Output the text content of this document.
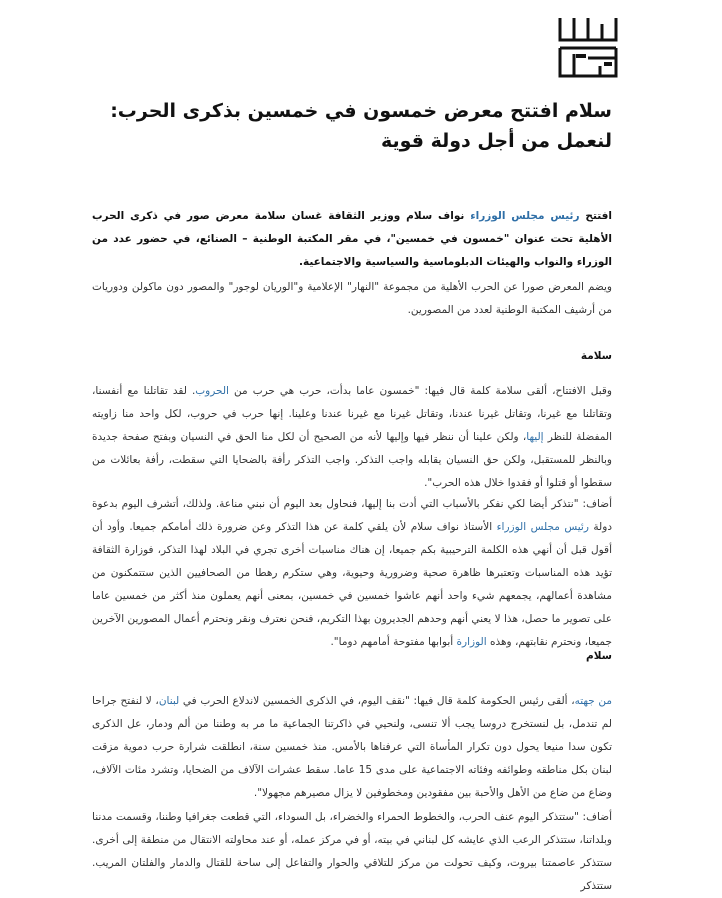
سلام افتتح معرض خمسون في خمسين بذكرى الحرب: لنعمل من أجل دولة قوية

افتتح رئيس مجلس الوزراء نواف سلام ووزير الثقافة غسان سلامة معرض صور في ذكرى الحرب الأهلية تحت عنوان "خمسون في خمسين"، في مقر المكتبة الوطنية – الصنائع، في حضور عدد من الوزراء والنواب والهيئات الدبلوماسية والسياسية والاجتماعية.

ويضم المعرض صورا عن الحرب الأهلية من مجموعة "النهار" الإعلامية و"الوريان لوجور" والمصور دون ماكولن ودوريات من أرشيف المكتبة الوطنية لعدد من المصورين.

سلامة

وقبل الافتتاح، ألقى سلامة كلمة قال فيها: "خمسون عاما بدأت، حرب هي حرب من الحروب. لقد تقاتلنا مع أنفسنا، وتقاتلنا مع غيرنا، وتقاتل غيرنا عندنا، وتقاتل غيرنا مع غيرنا عندنا وعلينا. إنها حرب في حروب، لكل واحد منا زاويته المفضلة للنظر إليها، ولكن علينا أن ننظر فيها وإليها لأنه من الصحيح أن لكل منا الحق في النسيان وبفتح صفحة جديدة وبالنظر للمستقبل، ولكن حق النسيان يقابله واجب التذكر. واجب التذكر رأفة بالضحايا التي سقطت، رأفة بعائلات من سقطوا أو قتلوا أو فقدوا خلال هذه الحرب".

أضاف: "نتذكر أيضا لكي نفكر بالأسباب التي أدت بنا إليها، فنحاول بعد اليوم أن نبني مناعة. ولذلك، أتشرف اليوم بدعوة دولة رئيس مجلس الوزراء الأستاذ نواف سلام لأن يلقي كلمة عن هذا التذكر وعن ضرورة ذلك أمامكم جميعا. وأود أن أقول قبل أن أنهي هذه الكلمة الترحيبية بكم جميعا، إن هناك مناسبات أخرى تجري في البلاد لهذا التذكر، فوزارة الثقافة تؤيد هذه المناسبات وتعتبرها ظاهرة صحية وضرورية وحيوية، وهي ستكرم رهطا من الصحافيين الذين ستتمكنون من مشاهدة أعمالهم، يجمعهم شيء واحد أنهم عاشوا خمسين في خمسين، بمعنى أنهم يعملون منذ أكثر من خمسين عاما على تصوير ما حصل، هذا لا يعني أنهم وحدهم الجديرون بهذا التكريم، فنحن نعترف ونقر ونحترم أعمال المصورين الآخرين جميعا، ونحترم نقابتهم، وهذه الوزارة أبوابها مفتوحة أمامهم دوما".

سلام

من جهته، ألقى رئيس الحكومة كلمة قال فيها: "نقف اليوم، في الذكرى الخمسين لاندلاع الحرب في لبنان، لا لنفتح جراحا لم تندمل، بل لنستخرج دروسا يجب ألا تنسى، ولنحيي في ذاكرتنا الجماعية ما مر به وطننا من ألم ودمار، عل الذكرى تكون سدا منيعا يحول دون تكرار المأساة التي عرفناها بالأمس. منذ خمسين سنة، انطلقت شرارة حرب دموية مزقت لبنان بكل مناطقه وطوائفه وفئاته الاجتماعية على مدى 15 عاما. سقط عشرات الآلاف من الضحايا، وتشرد مئات الآلاف، وضاع من ضاع من الأهل والأحبة بين مفقودين ومخطوفين لا يزال مصيرهم مجهولا".

أضاف: "ستتذكر اليوم عنف الحرب، والخطوط الحمراء والخضراء، بل السوداء، التي قطعت جغرافيا وطننا، وقسمت مدننا وبلداتنا، ستتذكر الرعب الذي عايشه كل لبناني في بيته، أو في مركز عمله، أو عند محاولته الانتقال من منطقة إلى أخرى. ستتذكر عاصمتنا بيروت، وكيف تحولت من مركز للتلاقي والحوار والتفاعل إلى ساحة للقتال والدمار والفلتان المريب. ستتذكر
